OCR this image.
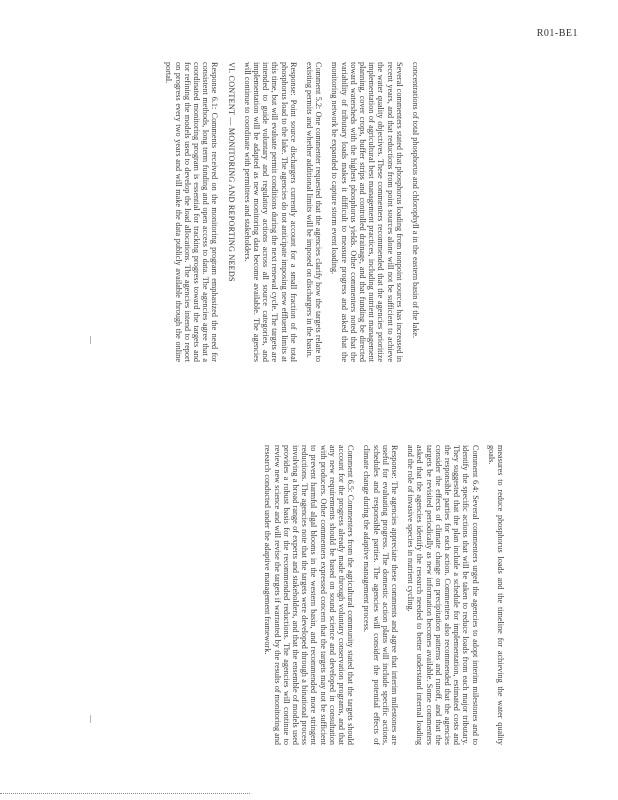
R01-BE1

concentrations of total phosphorus and chlorophyll a in the eastern basin of the lake.

Several commenters stated that phosphorus loading from nonpoint sources has increased in recent years, and that reductions from point sources alone will not be sufficient to achieve the water quality objectives. These commenters recommended that the agencies prioritize implementation of agricultural best management practices, including nutrient management planning, cover crops, buffer strips and controlled drainage, and that funding be directed toward watersheds with the highest phosphorus yields. Other commenters noted that the variability of tributary loads makes it difficult to measure progress and asked that the monitoring network be expanded to capture storm event loading.

Comment 5.2: One commenter requested that the agencies clarify how the targets relate to existing permits and whether additional limits will be imposed on dischargers in the basin.

Response: Point source dischargers currently account for a small fraction of the total phosphorus load to the lake. The agencies do not anticipate imposing new effluent limits at this time, but will evaluate permit conditions during the next renewal cycle. The targets are intended to guide voluntary and regulatory actions across all source categories, and implementation will be adapted as new monitoring data become available. The agencies will continue to coordinate with permittees and stakeholders.

VI. CONTENT — MONITORING AND REPORTING NEEDS

Response 6.1: Comments received on the monitoring program emphasized the need for consistent methods, long term funding and open access to data. The agencies agree that a coordinated monitoring program is essential for tracking progress toward the targets and for refining the models used to develop the load allocations. The agencies intend to report on progress every two years and will make the data publicly available through the online portal.

measures to reduce phosphorus loads and the timeline for achieving the water quality goals.

Comment 6.4: Several commenters urged the agencies to adopt interim milestones and to identify the specific actions that will be taken to reduce loads from each major tributary. They suggested that the plan include a schedule for implementation, estimated costs and the responsible parties for each action. Commenters also recommended that the agencies consider the effects of climate change on precipitation patterns and runoff, and that the targets be revisited periodically as new information becomes available. Some commenters asked that the agencies identify the research needed to better understand internal loading and the role of invasive species in nutrient cycling.

Response: The agencies appreciate these comments and agree that interim milestones are useful for evaluating progress. The domestic action plans will include specific actions, schedules and responsible parties. The agencies will consider the potential effects of climate change during the adaptive management process.

Comment 6.5: Commenters from the agricultural community stated that the targets should account for the progress already made through voluntary conservation programs, and that any new requirements should be based on sound science and developed in consultation with producers. Other commenters expressed concern that the targets may not be sufficient to prevent harmful algal blooms in the western basin, and recommended more stringent reductions. The agencies note that the targets were developed through a binational process involving a broad range of experts and stakeholders, and that the ensemble of models used provides a robust basis for the recommended reductions. The agencies will continue to review new science and will revise the targets if warranted by the results of monitoring and research conducted under the adaptive management framework.

—
—
